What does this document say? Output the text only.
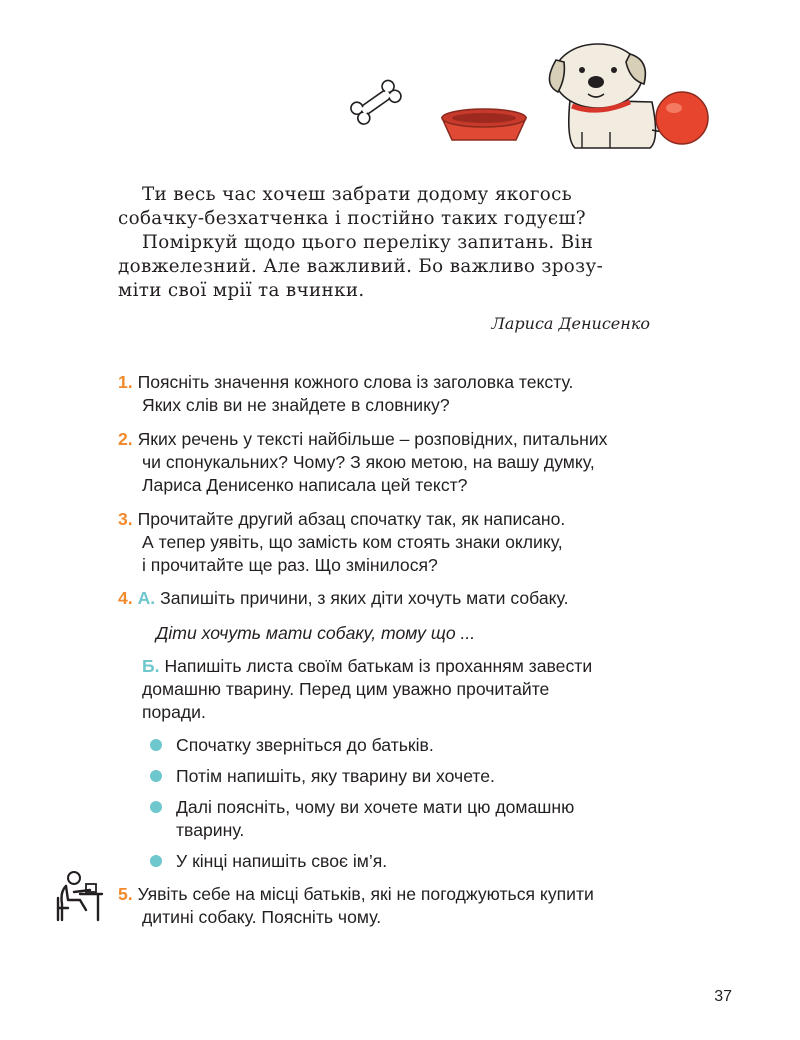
Ти весь час хочеш забрати додому якогось
собачку-безхатченка і постійно таких годуєш?
Поміркуй щодо цього переліку запитань. Він
довжелезний. Але важливий. Бо важливо зрозу-
міти свої мрії та вчинки.
Лариса Денисенко
1. Поясніть значення кожного слова із заголовка тексту.
Яких слів ви не знайдете в словнику?
2. Яких речень у тексті найбільше – розповідних, питальних
чи спонукальних? Чому? З якою метою, на вашу думку,
Лариса Денисенко написала цей текст?
3. Прочитайте другий абзац спочатку так, як написано.
А тепер уявіть, що замість ком стоять знаки оклику,
і прочитайте ще раз. Що змінилося?
4. А. Запишіть причини, з яких діти хочуть мати собаку.
Діти хочуть мати собаку, тому що ...
Б. Напишіть листа своїм батькам із проханням завести
домашню тварину. Перед цим уважно прочитайте
поради.
Спочатку зверніться до батьків.
Потім напишіть, яку тварину ви хочете.
Далі поясніть, чому ви хочете мати цю домашню
тварину.
У кінці напишіть своє ім’я.
5. Уявіть себе на місці батьків, які не погоджуються купити
дитині собаку. Поясніть чому.
37
